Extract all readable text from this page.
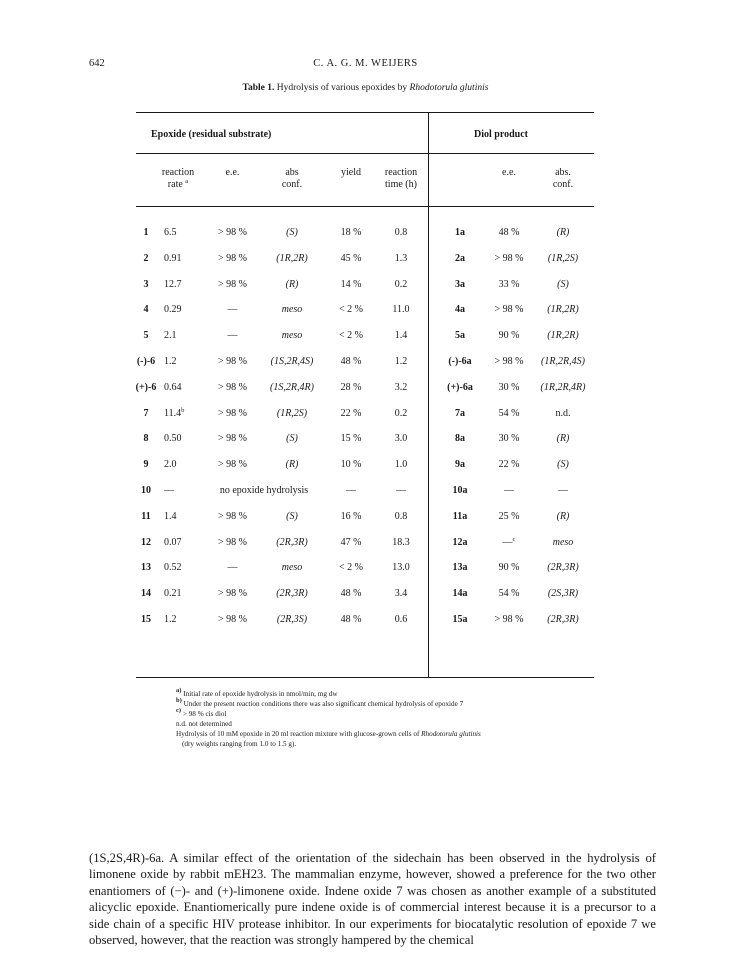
642	C. A. G. M. WEIJERS
Table 1. Hydrolysis of various epoxides by Rhodotorula glutinis
Epoxide (residual substrate)	Diol product
reaction
rate $^a$
e.e.	abs
conf.
yield	reaction
time (h)
e.e.	abs.
conf.
1	6.5	> 98 %	(S)	18 %	0.8	1a	48 %	(R)
2	0.91	> 98 %	(1R,2R)	45 %	1.3	2a	> 98 %	(1R,2S)
3	12.7	> 98 %	(R)	14 %	0.2	3a	33 %	(S)
4	0.29	—	meso	< 2 %	11.0	4a	> 98 %	(1R,2R)
5	2.1	—	meso	< 2 %	1.4	5a	90 %	(1R,2R)
(-)-6 1.2	> 98 %	(1S,2R,4S)	48 %	1.2	(-)-6a	> 98 %	(1R,2R,4S)
(+)-6 0.64	> 98 %	(1S,2R,4R)	28 %	3.2	(+)-6a	30 %	(1R,2R,4R)
7	11.4$^b$	> 98 %	(1R,2S)	22 %	0.2	7a	54 %	n.d.
8	0.50	> 98 %	(S)	15 %	3.0	8a	30 %	(R)
9	2.0	> 98 %	(R)	10 %	1.0	9a	22 %	(S)
10	—	no epoxide hydrolysis	—	—	10a	—	—
11	1.4	> 98 %	(S)	16 %	0.8	11a	25 %	(R)
12	0.07	> 98 %	(2R,3R)	47 %	18.3	12a	—$^c$	meso
13	0.52	—	meso	< 2 %	13.0	13a	90 %	(2R,3R)
14	0.21	> 98 %	(2R,3R)	48 %	3.4	14a	54 %	(2S,3R)
15	1.2	> 98 %	(2R,3S)	48 %	0.6	15a	> 98 %	(2R,3R)
$^{a)}$ Initial rate of epoxide hydrolysis in nmol/min, mg dw
$^{b)}$ Under the present reaction conditions there was also significant chemical hydrolysis of epoxide 7
$^{c)}$ > 98 % cis diol
n.d. not determined
Hydrolysis of 10 mM epoxide in 20 ml reaction mixture with glucose-grown cells of Rhodotorula glutinis
(dry weights ranging from 1.0 to 1.5 g).
(1S,2S,4R)-6a. A similar effect of the orientation of the sidechain has been observed in the hydrolysis of limonene oxide by rabbit mEH23. The mammalian enzyme, however, showed a preference for the two other enantiomers of (−)- and (+)-limonene oxide. Indene oxide 7 was chosen as another example of a substituted alicyclic epoxide. Enantiomerically pure indene oxide is of commercial interest because it is a precursor to a side chain of a specific HIV protease inhibitor. In our experiments for biocatalytic resolution of epoxide 7 we observed, however, that the reaction was strongly hampered by the chemical
